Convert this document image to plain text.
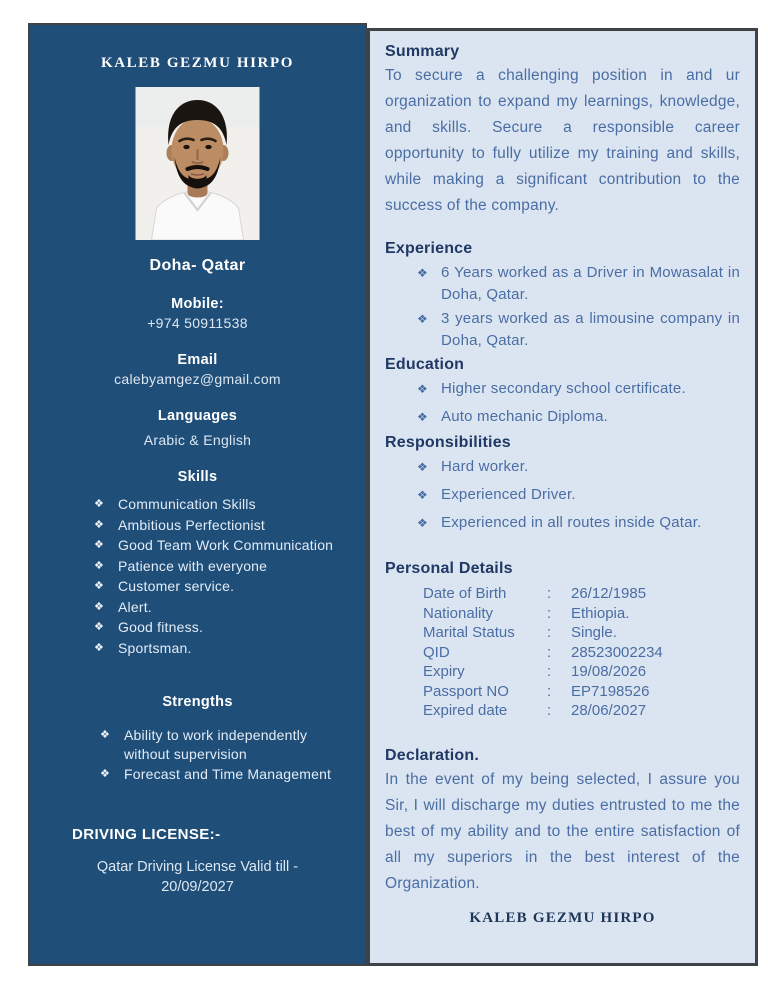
KALEB GEZMU HIRPO
Doha- Qatar
Mobile:
+974 50911538
Email
calebyamgez@gmail.com
Languages
Arabic & English
Skills
❖	Communication Skills
❖	Ambitious Perfectionist
❖	Good Team Work Communication
❖	Patience with everyone
❖	Customer service.
❖	Alert.
❖	Good fitness.
❖	Sportsman.
Strengths
❖	Ability to work independently without supervision
❖	Forecast and Time Management
DRIVING LICENSE:-
Qatar Driving License Valid till - 20/09/2027
Summary

To secure a challenging position in and ur organization to expand my learnings, knowledge, and skills. Secure a responsible career opportunity to fully utilize my training and skills, while making a significant contribution to the success of the company.

Experience
❖ 6 Years worked as a Driver in Mowasalat in Doha, Qatar.
❖ 3 years worked as a limousine company in Doha, Qatar.
Education
❖ Higher secondary school certificate.
❖ Auto mechanic Diploma.
Responsibilities
❖ Hard worker.
❖ Experienced Driver.
❖ Experienced in all routes inside Qatar.
Personal Details
Date of Birth	:	26/12/1985
Nationality	:	Ethiopia.
Marital Status	:	Single.
QID	:	28523002234
Expiry	:	19/08/2026
Passport NO	:	EP7198526
Expired date	:	28/06/2027
Declaration.

In the event of my being selected, I assure you Sir, I will discharge my duties entrusted to me the best of my ability and to the entire satisfaction of all my superiors in the best interest of the Organization.

KALEB GEZMU HIRPO
